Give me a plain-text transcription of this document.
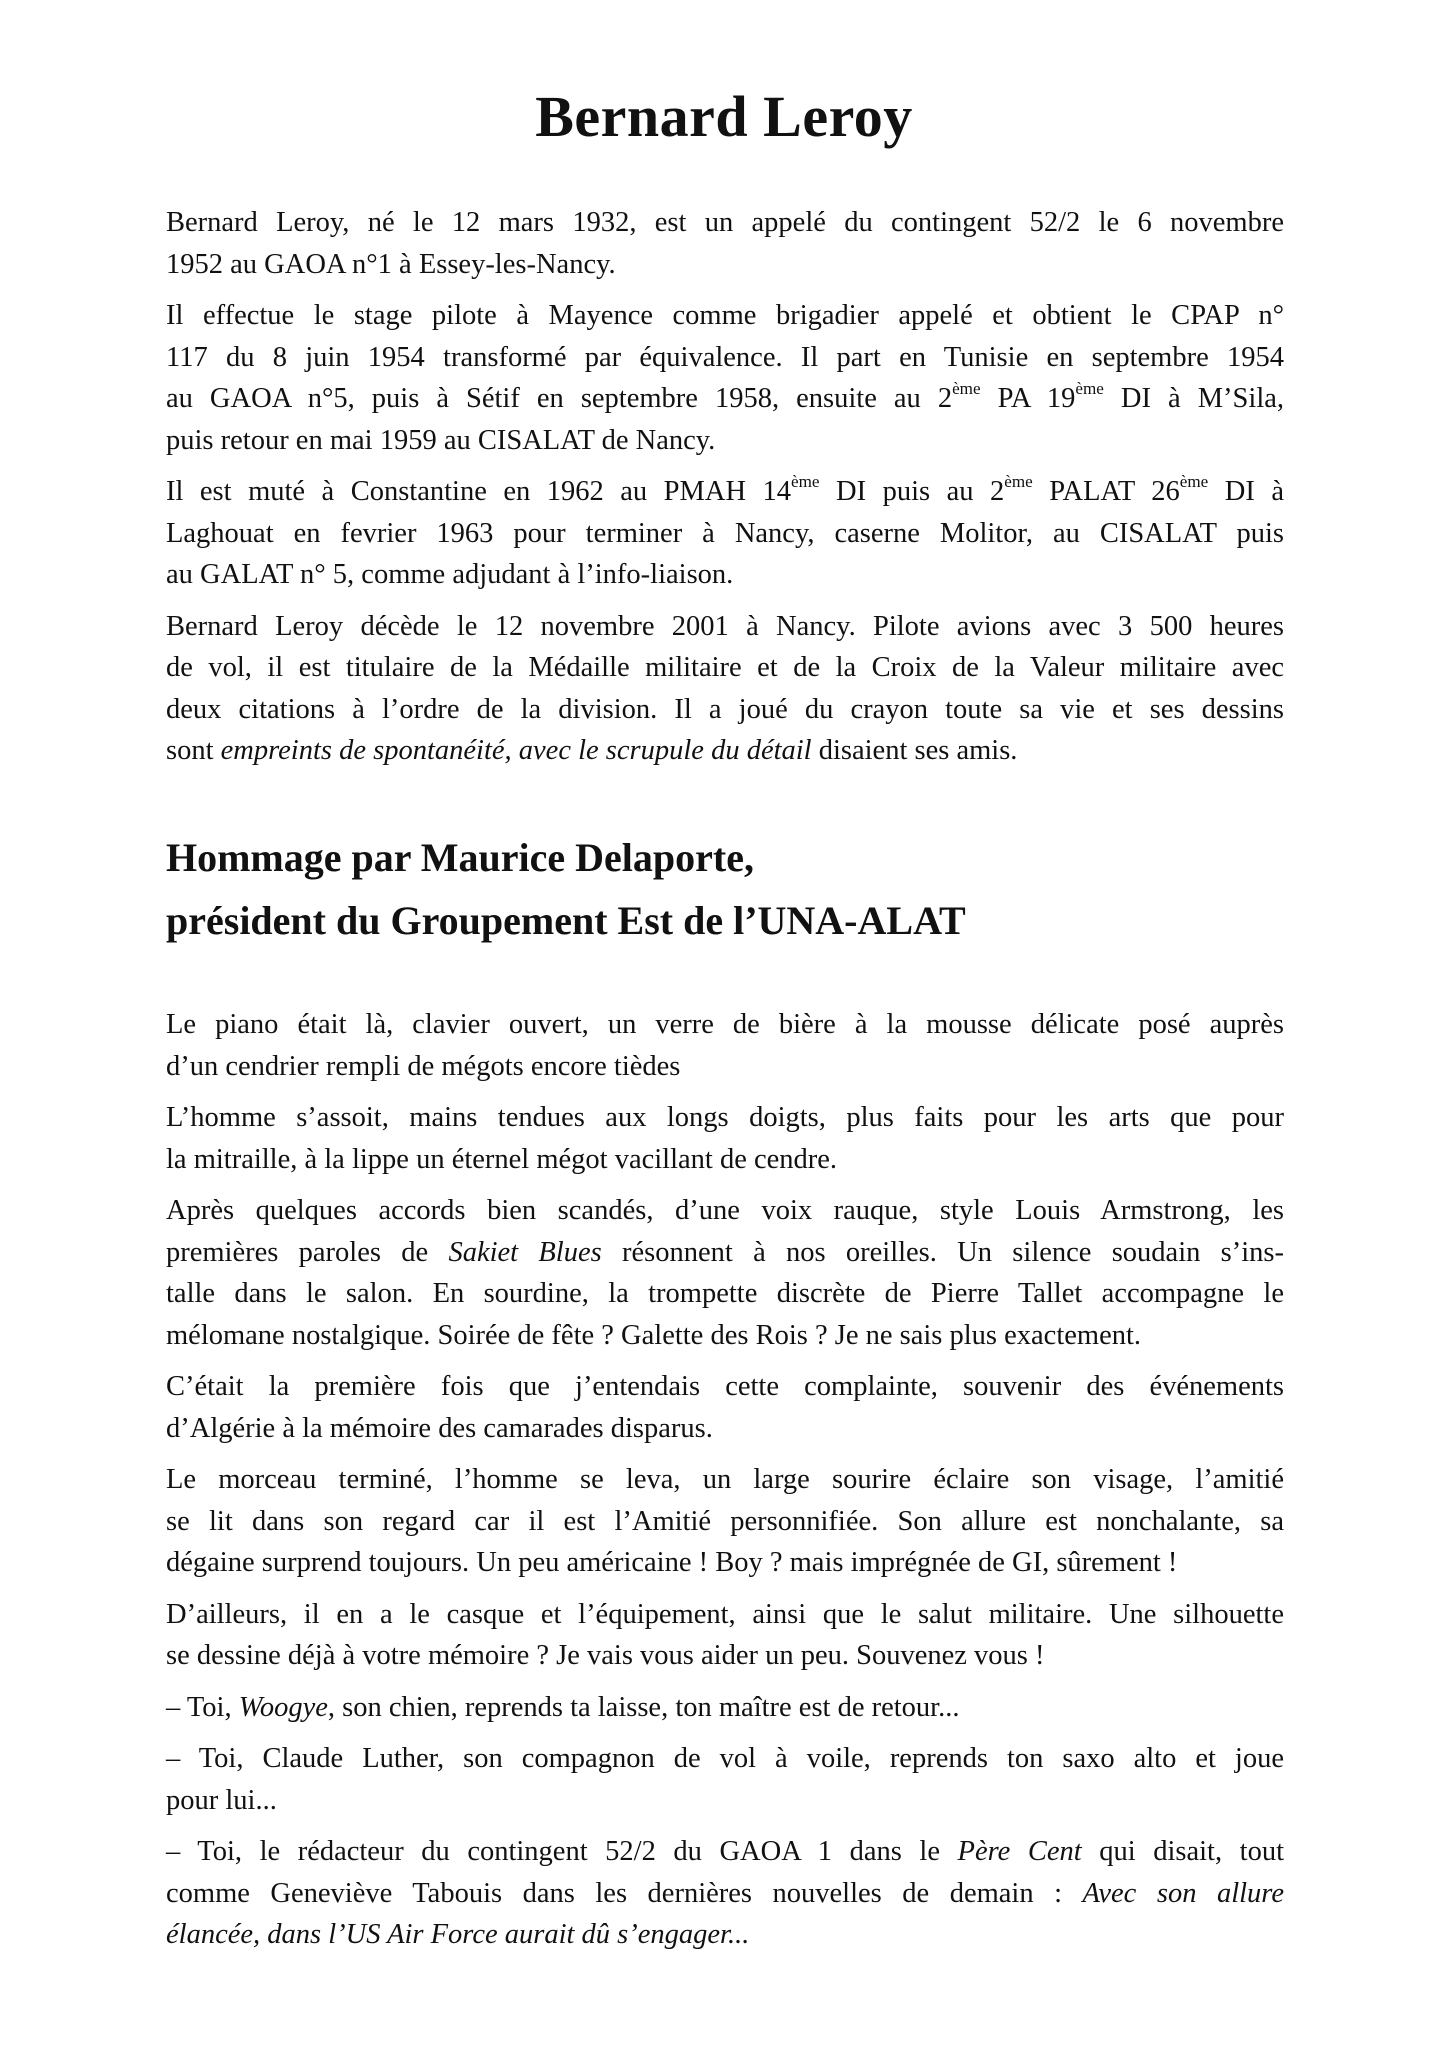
Bernard Leroy

Bernard Leroy, né le 12 mars 1932, est un appelé du contingent 52/2 le 6 novembre
1952 au GAOA n°1 à Essey-les-Nancy.

Il effectue le stage pilote à Mayence comme brigadier appelé et obtient le CPAP n°
117 du 8 juin 1954 transformé par équivalence. Il part en Tunisie en septembre 1954
au GAOA n°5, puis à Sétif en septembre 1958, ensuite au 2ème PA 19ème DI à M’Sila,
puis retour en mai 1959 au CISALAT de Nancy.

Il est muté à Constantine en 1962 au PMAH 14ème DI puis au 2ème PALAT 26ème DI à
Laghouat en fevrier 1963 pour terminer à Nancy, caserne Molitor, au CISALAT puis
au GALAT n° 5, comme adjudant à l’info-liaison.

Bernard Leroy décède le 12 novembre 2001 à Nancy. Pilote avions avec 3 500 heures
de vol, il est titulaire de la Médaille militaire et de la Croix de la Valeur militaire avec
deux citations à l’ordre de la division. Il a joué du crayon toute sa vie et ses dessins
sont empreints de spontanéité, avec le scrupule du détail disaient ses amis.

Hommage par Maurice Delaporte,
président du Groupement Est de l’UNA-ALAT

Le piano était là, clavier ouvert, un verre de bière à la mousse délicate posé auprès
d’un cendrier rempli de mégots encore tièdes

L’homme s’assoit, mains tendues aux longs doigts, plus faits pour les arts que pour
la mitraille, à la lippe un éternel mégot vacillant de cendre.

Après quelques accords bien scandés, d’une voix rauque, style Louis Armstrong, les
premières paroles de Sakiet Blues résonnent à nos oreilles. Un silence soudain s’ins-
talle dans le salon. En sourdine, la trompette discrète de Pierre Tallet accompagne le
mélomane nostalgique. Soirée de fête ? Galette des Rois ? Je ne sais plus exactement.

C’était la première fois que j’entendais cette complainte, souvenir des événements
d’Algérie à la mémoire des camarades disparus.

Le morceau terminé, l’homme se leva, un large sourire éclaire son visage, l’amitié
se lit dans son regard car il est l’Amitié personnifiée. Son allure est nonchalante, sa
dégaine surprend toujours. Un peu américaine ! Boy ? mais imprégnée de GI, sûrement !

D’ailleurs, il en a le casque et l’équipement, ainsi que le salut militaire. Une silhouette
se dessine déjà à votre mémoire ? Je vais vous aider un peu. Souvenez vous !

– Toi, Woogye, son chien, reprends ta laisse, ton maître est de retour...

– Toi, Claude Luther, son compagnon de vol à voile, reprends ton saxo alto et joue
pour lui...

– Toi, le rédacteur du contingent 52/2 du GAOA 1 dans le Père Cent qui disait, tout
comme Geneviève Tabouis dans les dernières nouvelles de demain : Avec son allure
élancée, dans l’US Air Force aurait dû s’engager...
